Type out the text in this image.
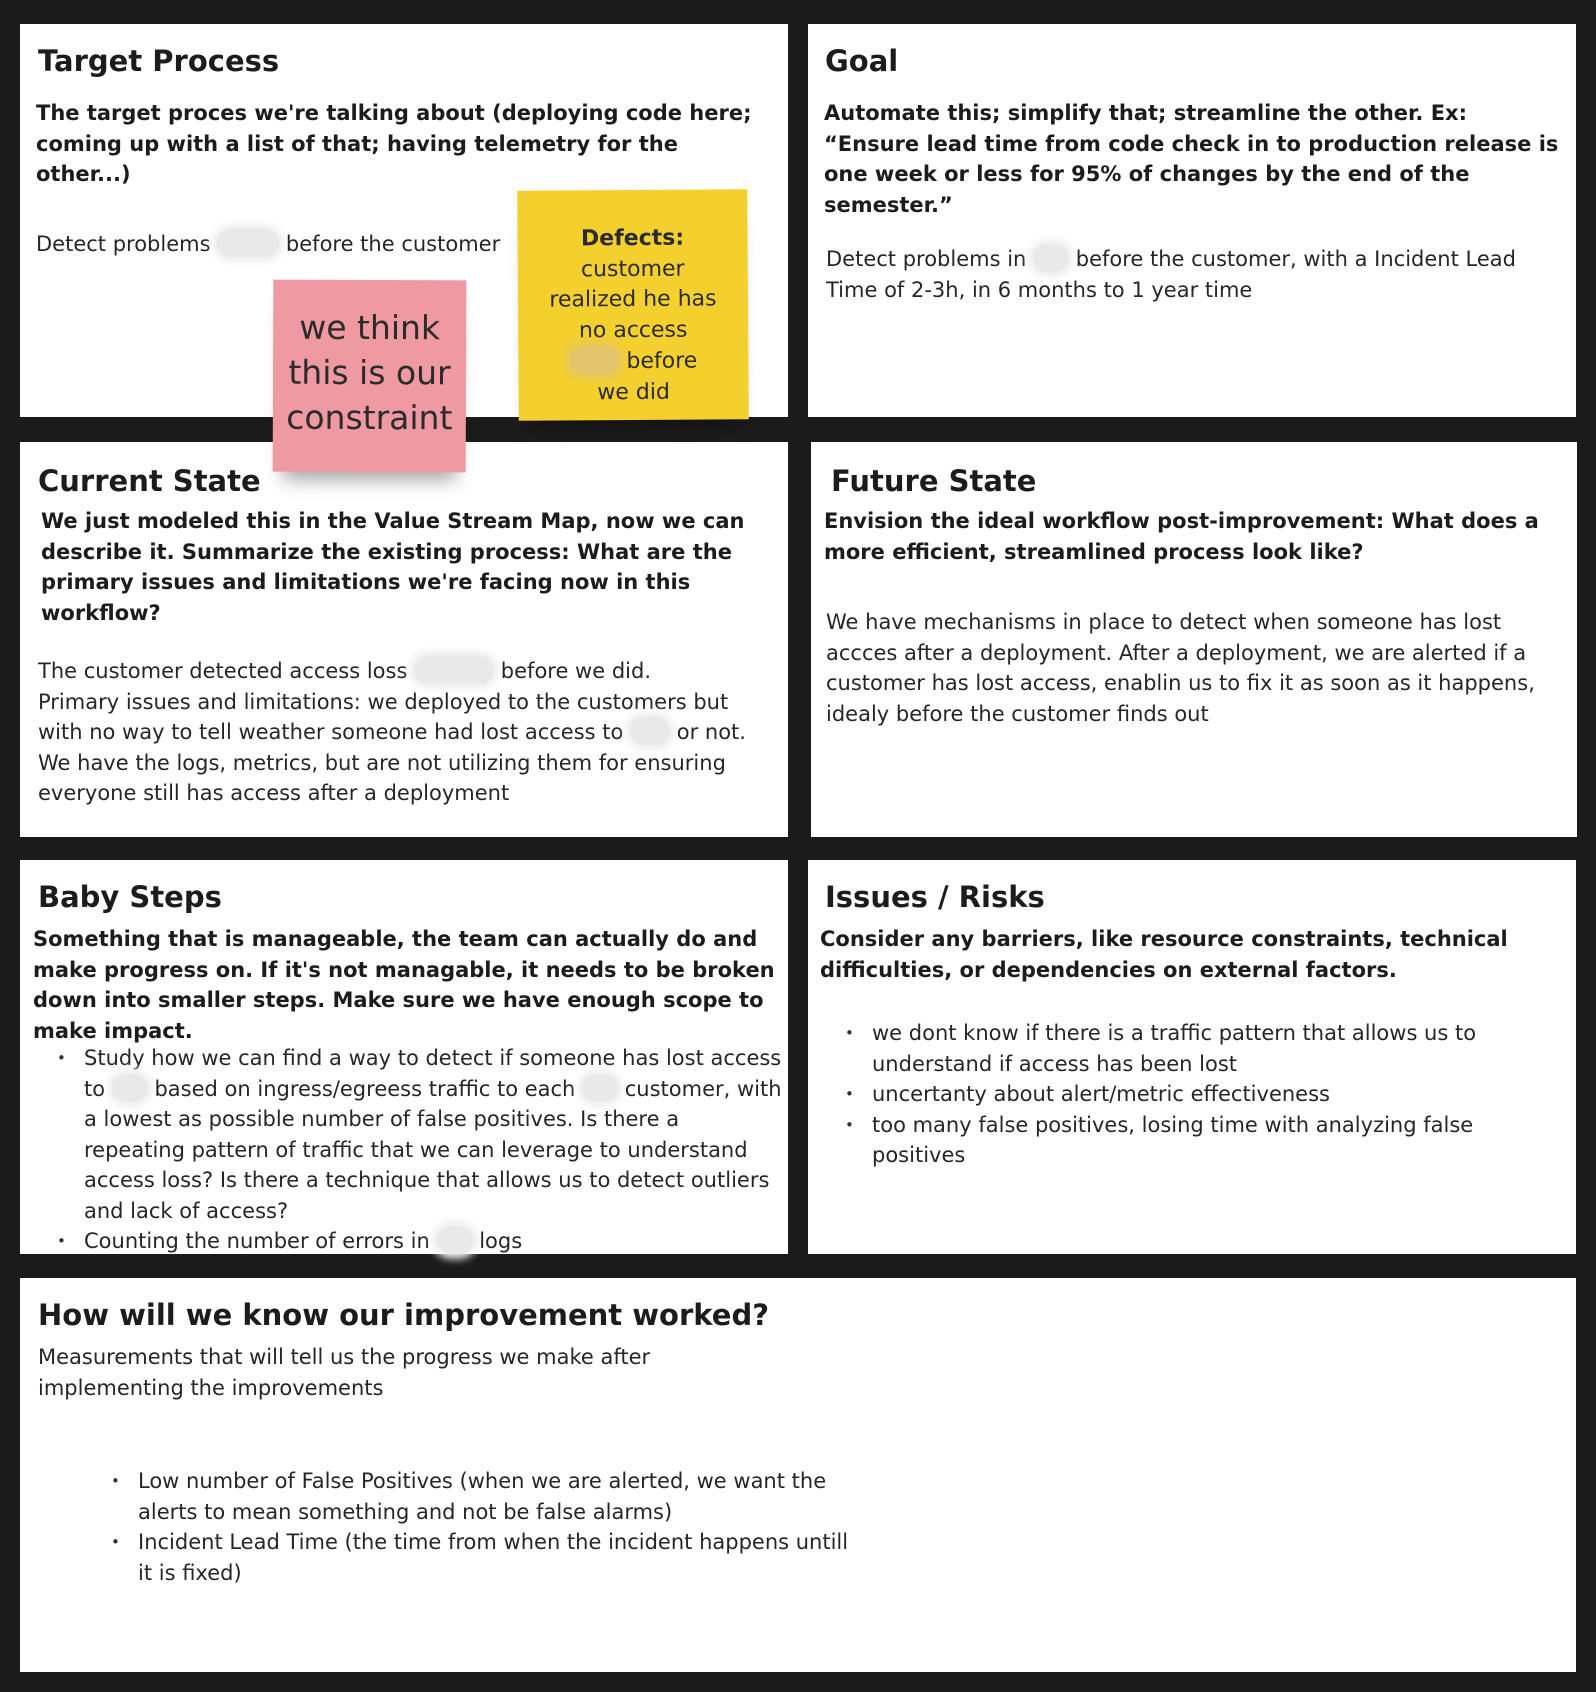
Target Process
The target proces we're talking about (deploying code here; coming up with a list of that; having telemetry for the other...)
Detect problems	before the customer
Goal
Automate this; simplify that; streamline the other. Ex: “Ensure lead time from code check in to production release is one week or less for 95% of changes by the end of the semester.”
Detect problems in before the customer, with a Incident Lead Time of 2-3h, in 6 months to 1 year time
Current State
We just modeled this in the Value Stream Map, now we can describe it. Summarize the existing process: What are the primary issues and limitations we're facing now in this workflow?
The customer detected access loss	before we did.
Primary issues and limitations: we deployed to the customers but with no way to tell weather someone had lost access to	or not. We have the logs, metrics, but are not utilizing them for ensuring everyone still has access after a deployment
Future State
Envision the ideal workflow post-improvement: What does a more efficient, streamlined process look like?
We have mechanisms in place to detect when someone has lost accces after a deployment. After a deployment, we are alerted if a customer has lost access, enablin us to fix it as soon as it happens, idealy before the customer finds out
Baby Steps
Something that is manageable, the team can actually do and make progress on. If it's not managable, it needs to be broken down into smaller steps. Make sure we have enough scope to make impact.
• Study how we can find a way to detect if someone has lost access to based on ingress/egreess traffic to each customer, with a lowest as possible number of false positives. Is there a repeating pattern of traffic that we can leverage to understand access loss? Is there a technique that allows us to detect outliers and lack of access?
• Counting the number of errors in logs
Issues / Risks
Consider any barriers, like resource constraints, technical difficulties, or dependencies on external factors.
• we dont know if there is a traffic pattern that allows us to understand if access has been lost
• uncertanty about alert/metric effectiveness
• too many false positives, losing time with analyzing false positives
How will we know our improvement worked?
Measurements that will tell us the progress we make after implementing the improvements
• Low number of False Positives (when we are alerted, we want the alerts to mean something and not be false alarms)
• Incident Lead Time (the time from when the incident happens untill it is fixed)
Defects:
customer realized he has no access
before we did
we think this is our constraint
